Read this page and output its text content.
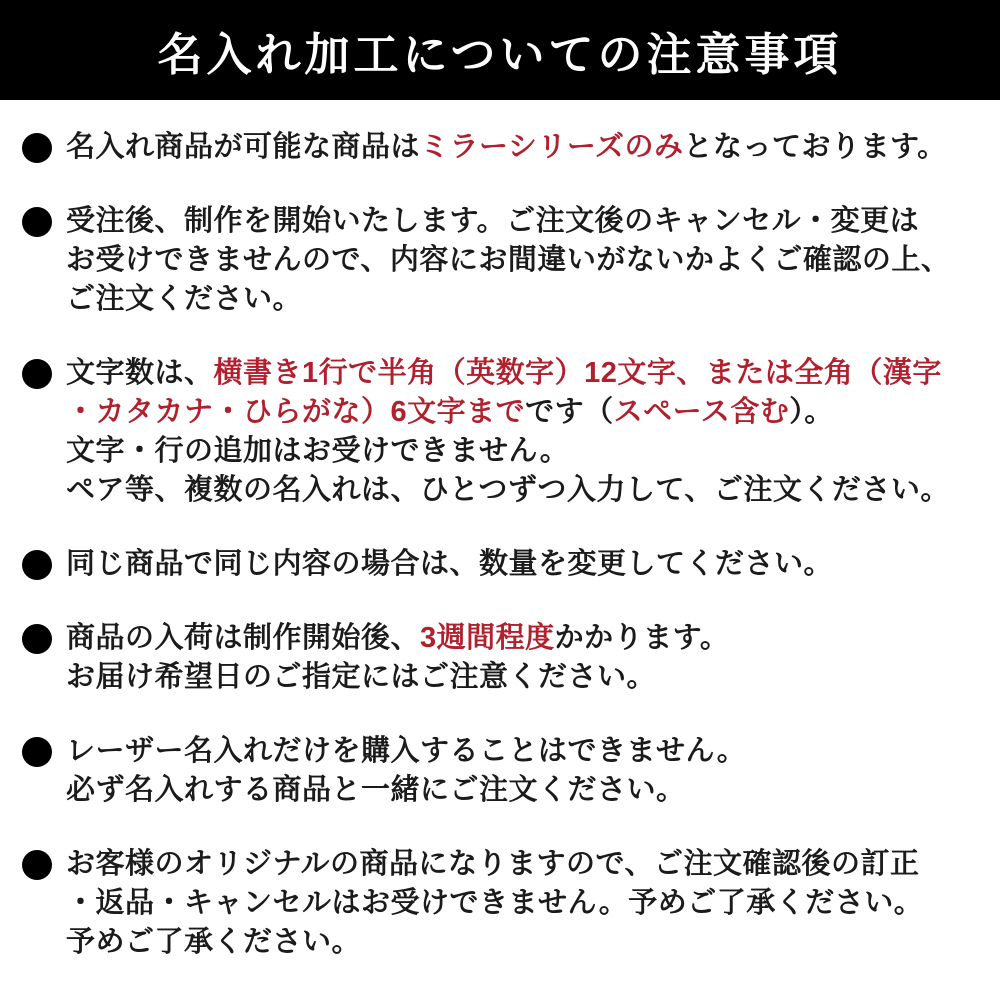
名入れ加工についての注意事項
名入れ商品が可能な商品はミラーシリーズのみとなっております。
受注後、制作を開始いたします。ご注文後のキャンセル・変更は
お受けできませんので、内容にお間違いがないかよくご確認の上、
ご注文ください。
文字数は、横書き1行で半角（英数字）12文字、または全角（漢字
・カタカナ・ひらがな）6文字までです（スペース含む）。
文字・行の追加はお受けできません。
ペア等、複数の名入れは、ひとつずつ入力して、ご注文ください。
同じ商品で同じ内容の場合は、数量を変更してください。
商品の入荷は制作開始後、3週間程度かかります。
お届け希望日のご指定にはご注意ください。
レーザー名入れだけを購入することはできません。
必ず名入れする商品と一緒にご注文ください。
お客様のオリジナルの商品になりますので、ご注文確認後の訂正
・返品・キャンセルはお受けできません。予めご了承ください。
予めご了承ください。
